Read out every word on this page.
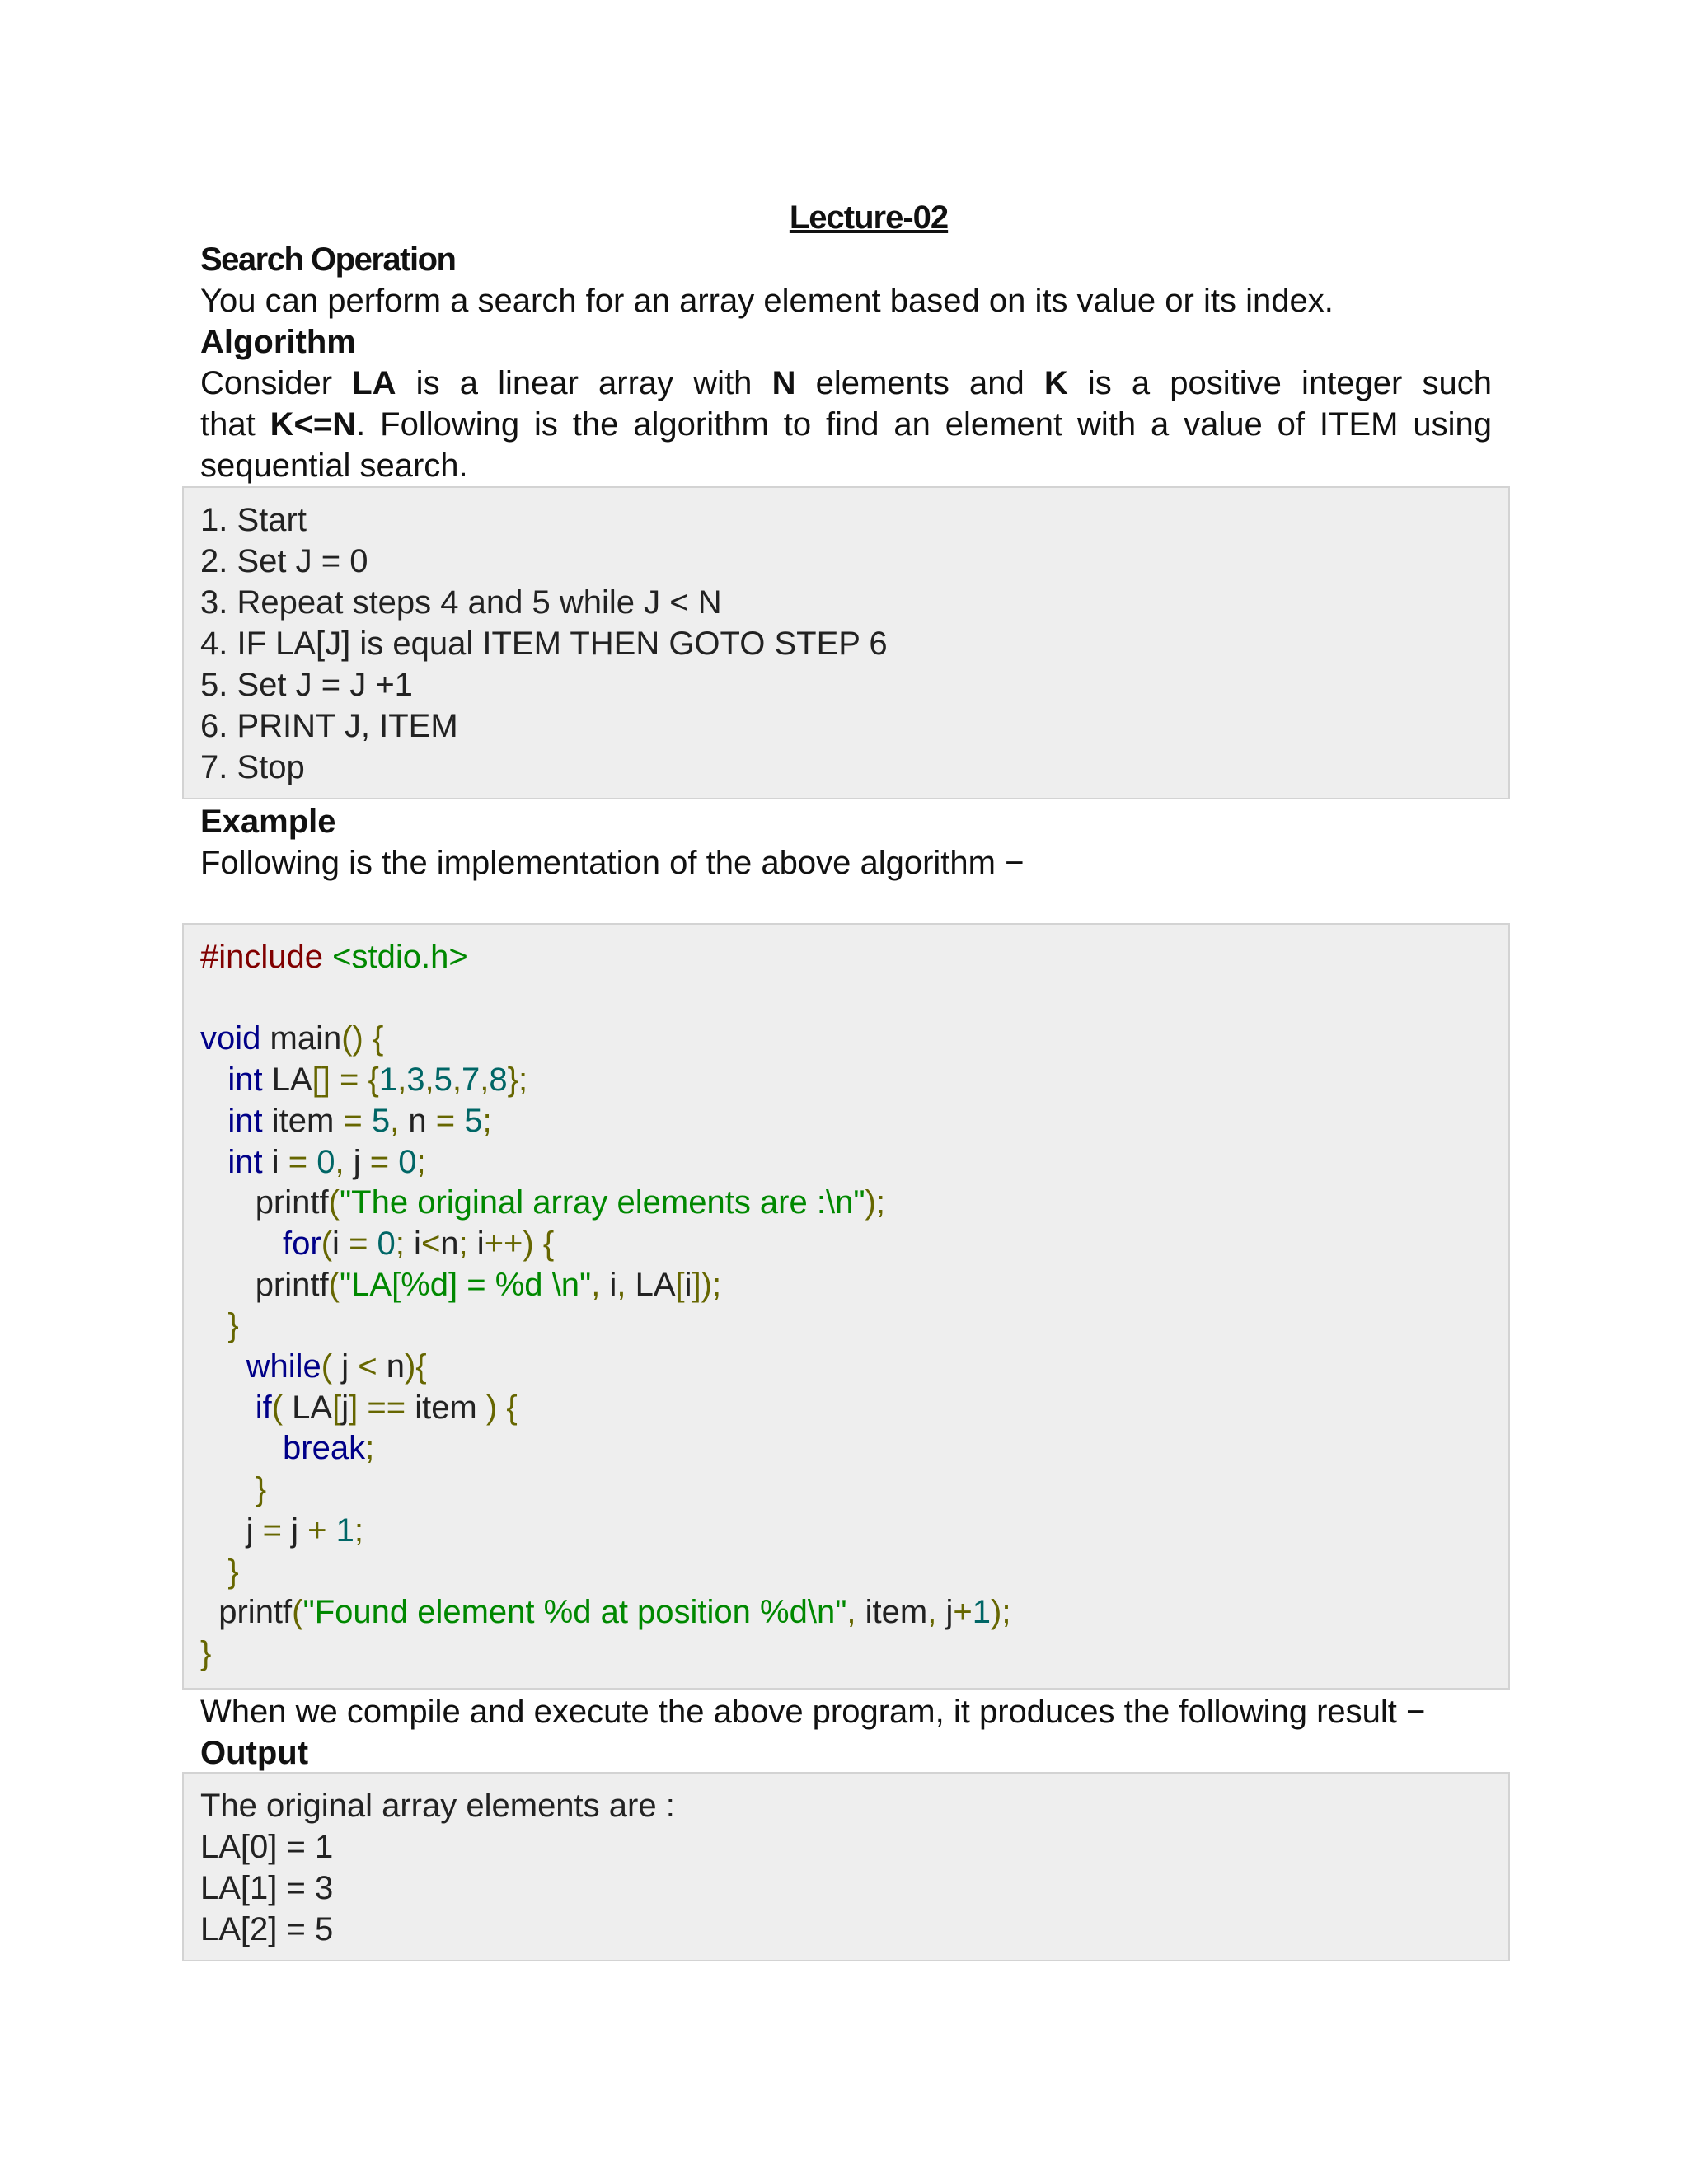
Lecture-02
Search Operation
You can perform a search for an array element based on its value or its index.
Algorithm
Consider LA is a linear array with N elements and K is a positive integer such
that K<=N. Following is the algorithm to find an element with a value of ITEM using
sequential search.
1. Start
2. Set J = 0
3. Repeat steps 4 and 5 while J < N
4. IF LA[J] is equal ITEM THEN GOTO STEP 6
5. Set J = J +1
6. PRINT J, ITEM
7. Stop
Example
Following is the implementation of the above algorithm −
#include <stdio.h>
void main() {
int LA[] = {1,3,5,7,8};
int item = 5, n = 5;
int i = 0, j = 0;
printf("The original array elements are :\n");
for(i = 0; i<n; i++) {
printf("LA[%d] = %d \n", i, LA[i]);
}
while( j < n){
if( LA[j] == item ) {
break;
}
j = j + 1;
}
printf("Found element %d at position %d\n", item, j+1);
}
When we compile and execute the above program, it produces the following result −
Output
The original array elements are :
LA[0] = 1
LA[1] = 3
LA[2] = 5
